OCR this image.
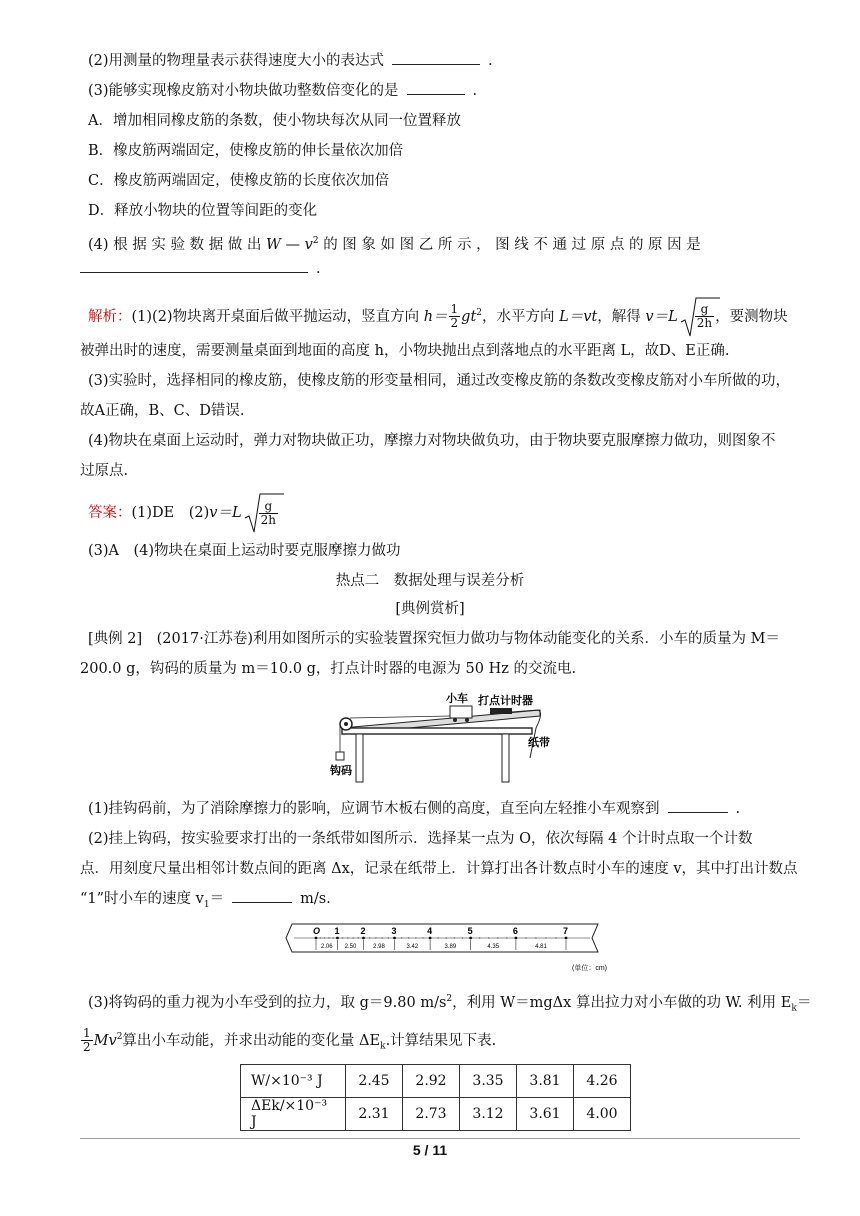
(2)用测量的物理量表示获得速度大小的表达式	.
(3)能够实现橡皮筋对小物块做功整数倍变化的是	.
A．增加相同橡皮筋的条数，使小物块每次从同一位置释放
B．橡皮筋两端固定，使橡皮筋的伸长量依次加倍
C．橡皮筋两端固定，使橡皮筋的长度依次加倍
D．释放小物块的位置等间距的变化
(4) 根 据 实 验 数 据 做 出 W — $v^2$ 的 图 象 如 图 乙 所 示 ， 图 线 不 通 过 原 点 的 原 因 是
.
解析：(1)(2)物块离开桌面后做平抛运动，竖直方向 $h= \frac{1}{2} gt^2$，水平方向 L＝vt，解得 $v=L \frac{g}{2h}$ ，要测物块
被弹出时的速度，需要测量桌面到地面的高度 h，小物块抛出点到落地点的水平距离 L，故D、E正确.
(3)实验时，选择相同的橡皮筋，使橡皮筋的形变量相同，通过改变橡皮筋的条数改变橡皮筋对小车所做的功，
故A正确，B、C、D错误.
(4)物块在桌面上运动时，弹力对物块做正功，摩擦力对物块做负功，由于物块要克服摩擦力做功，则图象不
过原点.
答案：(1)DE　$(2)v=L \frac{g}{2h}$
(3)A　(4)物块在桌面上运动时要克服摩擦力做功
热点二　数据处理与误差分析
[典例赏析]
[典例 2]　(2017·江苏卷)利用如图所示的实验装置探究恒力做功与物体动能变化的关系．小车的质量为 M＝
200.0 g，钩码的质量为 m＝10.0 g，打点计时器的电源为 50 Hz 的交流电.
小车 打点计时器
纸带
钩码
(1)挂钩码前，为了消除摩擦力的影响，应调节木板右侧的高度，直至向左轻推小车观察到	.
(2)挂上钩码，按实验要求打出的一条纸带如图所示．选择某一点为 O，依次每隔 4 个计时点取一个计数
点．用刻度尺量出相邻计数点间的距离 Δx，记录在纸带上．计算打出各计数点时小车的速度 v，其中打出计数点
“1”时小车的速度 $v_1=$	m/s.
O 1 2	3	4	5	6	7
2.06 2.50	2.98	3.42	3.89	4.35	4.81
(单位：cm)
(3)将钩码的重力视为小车受到的拉力，取 g＝9.80 $m/s^2$，利用 W＝mgΔx 算出拉力对小车做的功 W. 利用 $E_k=$
$\frac{1}{2} Mv^2$算出小车动能，并求出动能的变化量 $\Delta E_k$.计算结果见下表.
W/×10⁻³ J	2.45	2.92	3.35	3.81	4.26
ΔEk/×10⁻³ J	2.31	2.73	3.12	3.61	4.00
5 / 11
